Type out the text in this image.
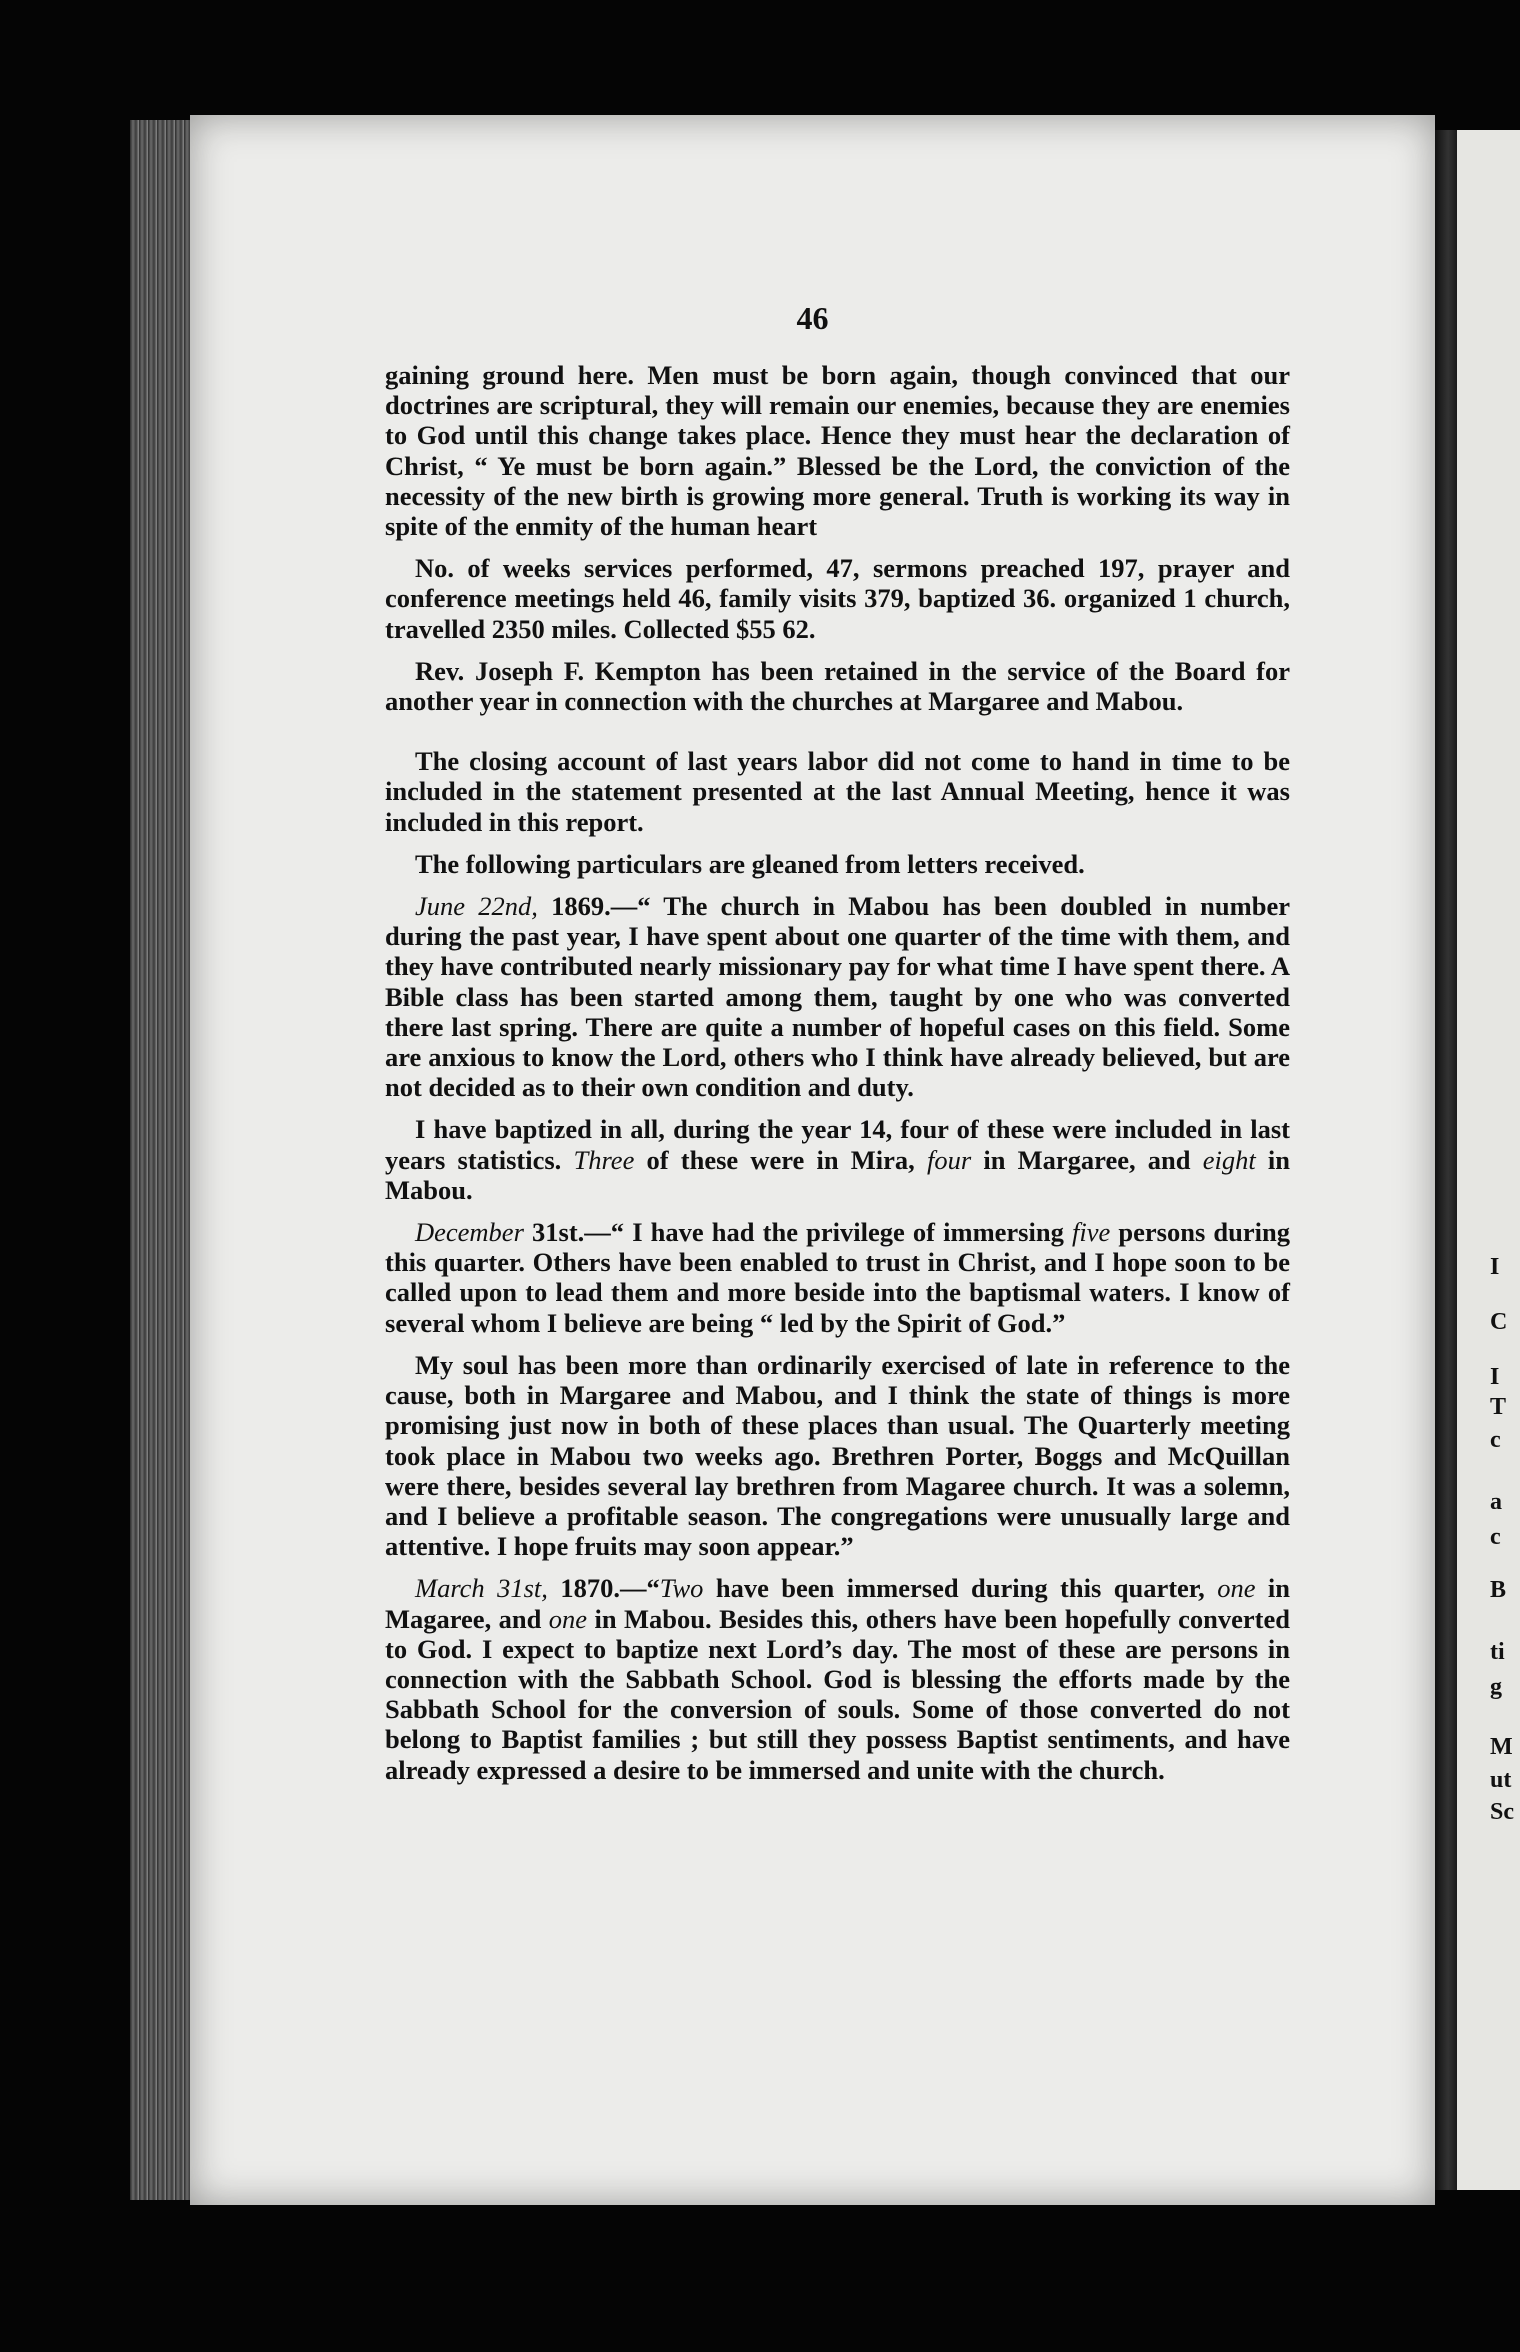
46

gaining ground here. Men must be born again, though convinced that our doctrines are scriptural, they will remain our enemies, because they are enemies to God until this change takes place. Hence they must hear the declaration of Christ, “ Ye must be born again.” Blessed be the Lord, the conviction of the necessity of the new birth is growing more general. Truth is working its way in spite of the enmity of the human heart

No. of weeks services performed, 47, sermons preached 197, prayer and conference meetings held 46, family visits 379, baptized 36. organized 1 church, travelled 2350 miles. Collected $55 62.

Rev. Joseph F. Kempton has been retained in the service of the Board for another year in connection with the churches at Margaree and Mabou.

The closing account of last years labor did not come to hand in time to be included in the statement presented at the last Annual Meeting, hence it was included in this report.

The following particulars are gleaned from letters received.

June 22nd, 1869.—“ The church in Mabou has been doubled in number during the past year, I have spent about one quarter of the time with them, and they have contributed nearly missionary pay for what time I have spent there. A Bible class has been started among them, taught by one who was converted there last spring. There are quite a number of hopeful cases on this field. Some are anxious to know the Lord, others who I think have already believed, but are not decided as to their own condition and duty.

I have baptized in all, during the year 14, four of these were included in last years statistics. Three of these were in Mira, four in Margaree, and eight in Mabou.

December 31st.—“ I have had the privilege of immersing five persons during this quarter. Others have been enabled to trust in Christ, and I hope soon to be called upon to lead them and more beside into the baptismal waters. I know of several whom I believe are being “ led by the Spirit of God.”

My soul has been more than ordinarily exercised of late in reference to the cause, both in Margaree and Mabou, and I think the state of things is more promising just now in both of these places than usual. The Quarterly meeting took place in Mabou two weeks ago. Brethren Porter, Boggs and McQuillan were there, besides several lay brethren from Magaree church. It was a solemn, and I believe a profitable season. The congregations were unusually large and attentive. I hope fruits may soon appear.”

March 31st, 1870.—“Two have been immersed during this quarter, one in Magaree, and one in Mabou. Besides this, others have been hopefully converted to God. I expect to baptize next Lord’s day. The most of these are persons in connection with the Sabbath School. God is blessing the efforts made by the Sabbath School for the conversion of souls. Some of those converted do not belong to Baptist families ; but still they possess Baptist sentiments, and have already expressed a desire to be immersed and unite with the church.

I
C
I
T
c
a
c
B
ti
g
M
ut
Sc
